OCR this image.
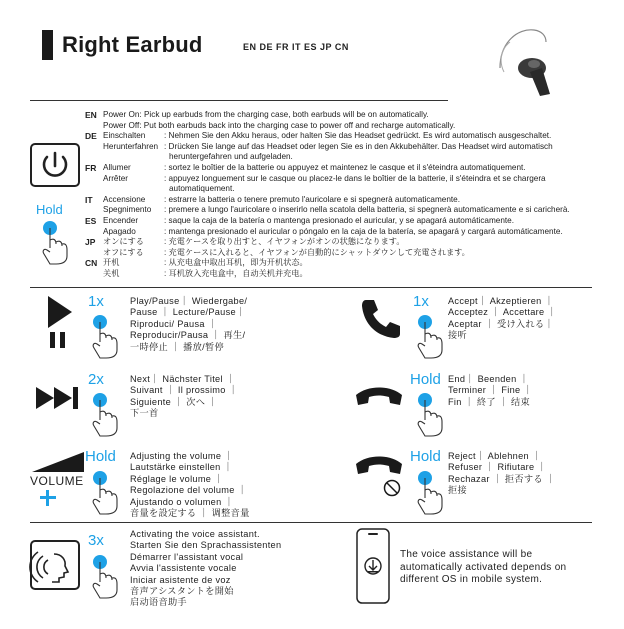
Right Earbud	EN DE FR IT ES JP CN
Hold
EN Power On: Pick up earbuds from the charging case, both earbuds will be on automatically.
Power Off: Put both earbuds back into the charging case to power off and recharge automatically.
DE Einschalten : Nehmen Sie den Akku heraus, oder halten Sie das Headset gedrückt. Es wird automatisch ausgeschaltet.
Herunterfahren : Drücken Sie lange auf das Headset oder legen Sie es in den Akkubehälter. Das Headset wird automatisch
heruntergefahren und aufgeladen.
FR Allumer	: sortez le boîtier de la batterie ou appuyez et maintenez le casque et il s'éteindra automatiquement.
Arrêter	: appuyez longuement sur le casque ou placez-le dans le boîtier de la batterie, il s'éteindra et se chargera
automatiquement.
IT Accensione : estrarre la batteria o tenere premuto l'auricolare e si spegnerà automaticamente.
Spegnimento : premere a lungo l'auricolare o inserirlo nella scatola della batteria, si spegnerà automaticamente e si caricherà.
ES Encender	: saque la caja de la batería o mantenga presionado el auricular, y se apagará automáticamente.
Apagado	: mantenga presionado el auricular o póngalo en la caja de la batería, se apagará y cargará automáticamente.
JP オンにする : 充電ケースを取り出すと、イヤフォンがオンの状態になります。
オフにする : 充電ケースに入れると、イヤフォンが自動的にシャットダウンして充電されます。
CN 开机	: 从充电盒中取出耳机，即为开机状态。
关机	: 耳机放入充电盒中，自动关机并充电。
1x	Play/Pause｜ Wiedergabe/
Pause ｜ Lecture/Pause｜
Riproduci/ Pausa ｜
Reproducir/Pausa ｜ 再生/
一時停止 ｜ 播放/暂停
1x Accept｜ Akzeptieren ｜
Acceptez ｜ Accettare ｜
Aceptar ｜ 受け入れる｜
接听
2x	Next｜ Nächster Titel ｜
Suivant ｜ Il prossimo ｜
Siguiente ｜ 次へ ｜
下一首
Hold End｜ Beenden ｜
Terminer ｜ Fine ｜
Fin ｜ 終了 ｜ 结束
VOLUME
Hold Adjusting the volume ｜
Lautstärke einstellen ｜
Réglage le volume ｜
Regolazione del volume ｜
Ajustando o volumen ｜
音量を設定する ｜ 调整音量
Hold Reject｜ Ablehnen ｜
Refuser ｜ Rifiutare ｜
Rechazar ｜ 拒否する ｜
拒接
3x	Activating the voice assistant.
Starten Sie den Sprachassistenten
Démarrer l'assistant vocal
Avvia l'assistente vocale
Iniciar asistente de voz
音声アシスタントを開始
启动语音助手
The voice assistance will be
automatically activated depends on
different OS in mobile system.
